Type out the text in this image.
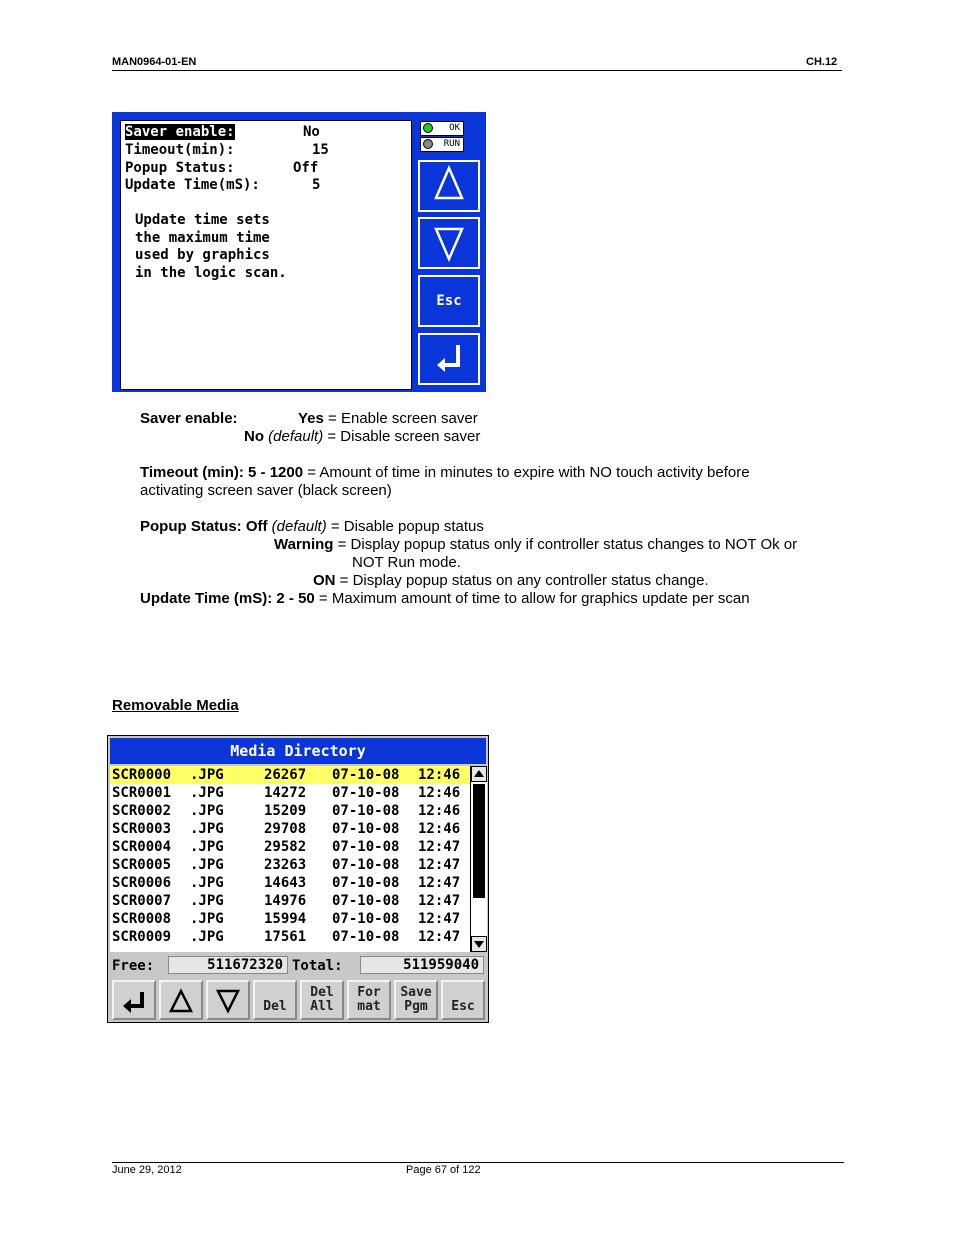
MAN0964-01-EN	CH.12
Saver enable:	No
Timeout(min):	15
Popup Status:	Off
Update Time(mS):	5
Update time sets
the maximum time
used by graphics
in the logic scan.
OK
RUN
Esc
Saver enable:	Yes = Enable screen saver
No (default) = Disable screen saver
Timeout (min): 5 - 1200 = Amount of time in minutes to expire with NO touch activity before
activating screen saver (black screen)
Popup Status: Off (default) = Disable popup status
Warning = Display popup status only if controller status changes to NOT Ok or
NOT Run mode.
ON = Display popup status on any controller status change.
Update Time (mS): 2 - 50 = Maximum amount of time to allow for graphics update per scan
Removable Media
Media Directory
SCR0000 .JPG	26267 07-10-08 12:46
SCR0001 .JPG	14272 07-10-08 12:46
SCR0002 .JPG	15209 07-10-08 12:46
SCR0003 .JPG	29708 07-10-08 12:46
SCR0004 .JPG	29582 07-10-08 12:47
SCR0005 .JPG	23263 07-10-08 12:47
SCR0006 .JPG	14643 07-10-08 12:47
SCR0007 .JPG	14976 07-10-08 12:47
SCR0008 .JPG	15994 07-10-08 12:47
SCR0009 .JPG	17561 07-10-08 12:47
Free:	511672320 Total:	511959040
Del
Del
All
For
mat
Save
Pgm	Esc
June 29, 2012	Page 67 of 122
